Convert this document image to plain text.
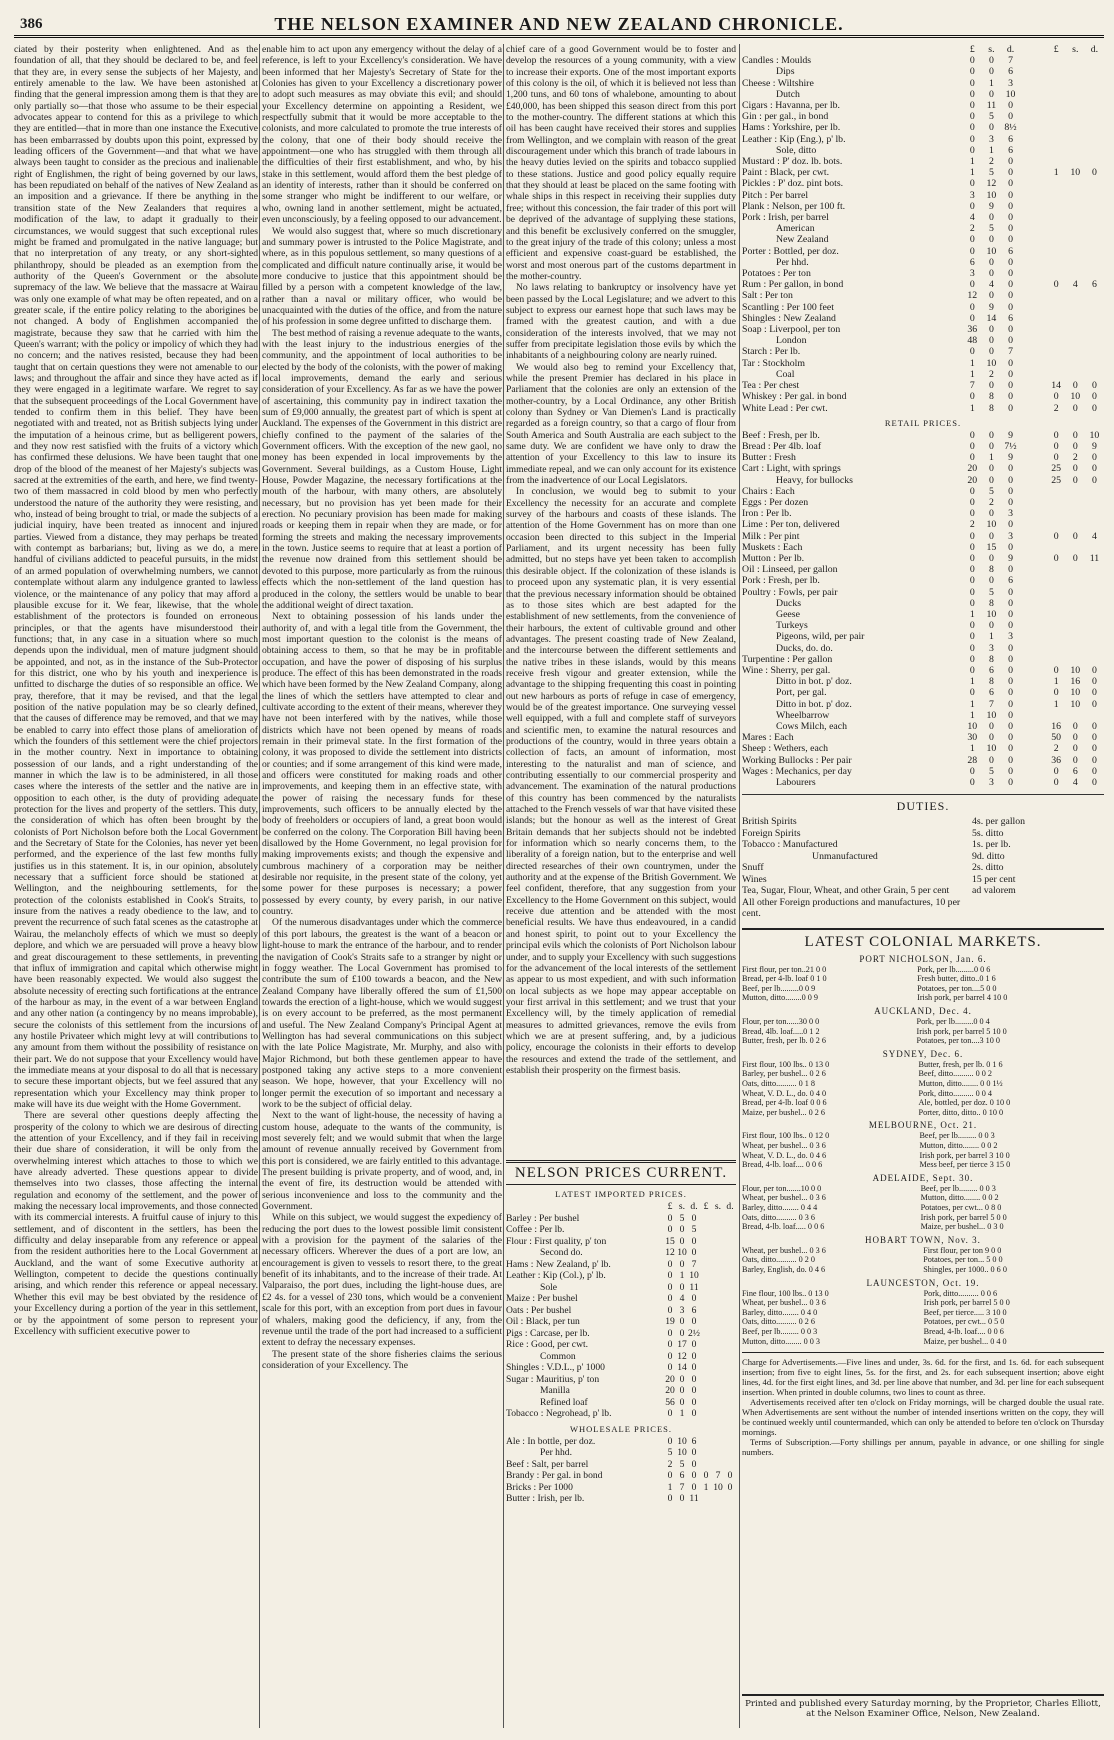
386	THE NELSON EXAMINER AND NEW ZEALAND CHRONICLE.

ciated by their posterity when enlightened. And as the foundation of all, that they should be declared to be, and feel that they are, in every sense the subjects of her Majesty, and entirely amenable to the law. We have been astonished at finding that the general impression among them is that they are only partially so—that those who assume to be their especial advocates appear to contend for this as a privilege to which they are entitled—that in more than one instance the Executive has been embarrassed by doubts upon this point, expressed by leading officers of the Government—and that what we have always been taught to consider as the precious and inalienable right of Englishmen, the right of being governed by our laws, has been repudiated on behalf of the natives of New Zealand as an imposition and a grievance. If there be anything in the transition state of the New Zealanders that requires a modification of the law, to adapt it gradually to their circumstances, we would suggest that such exceptional rules might be framed and promulgated in the native language; but that no interpretation of any treaty, or any short-sighted philanthropy, should be pleaded as an exemption from the authority of the Queen's Government or the absolute supremacy of the law. We believe that the massacre at Wairau was only one example of what may be often repeated, and on a greater scale, if the entire policy relating to the aborigines be not changed. A body of Englishmen accompanied the magistrate, because they saw that he carried with him the Queen's warrant; with the policy or impolicy of which they had no concern; and the natives resisted, because they had been taught that on certain questions they were not amenable to our laws; and throughout the affair and since they have acted as if they were engaged in a legitimate warfare. We regret to say that the subsequent proceedings of the Local Government have tended to confirm them in this belief. They have been negotiated with and treated, not as British subjects lying under the imputation of a heinous crime, but as belligerent powers, and they now rest satisfied with the fruits of a victory which has confirmed these delusions. We have been taught that one drop of the blood of the meanest of her Majesty's subjects was sacred at the extremities of the earth, and here, we find twenty-two of them massacred in cold blood by men who perfectly understood the nature of the authority they were resisting, and who, instead of being brought to trial, or made the subjects of a judicial inquiry, have been treated as innocent and injured parties. Viewed from a distance, they may perhaps be treated with contempt as barbarians; but, living as we do, a mere handful of civilians addicted to peaceful pursuits, in the midst of an armed population of overwhelming numbers, we cannot contemplate without alarm any indulgence granted to lawless violence, or the maintenance of any policy that may afford a plausible excuse for it. We fear, likewise, that the whole establishment of the protectors is founded on erroneous principles, or that the agents have misunderstood their functions; that, in any case in a situation where so much depends upon the individual, men of mature judgment should be appointed, and not, as in the instance of the Sub-Protector for this district, one who by his youth and inexperience is unfitted to discharge the duties of so responsible an office. We pray, therefore, that it may be revised, and that the legal position of the native population may be so clearly defined, that the causes of difference may be removed, and that we may be enabled to carry into effect those plans of amelioration of which the founders of this settlement were the chief projectors in the mother country. Next in importance to obtaining possession of our lands, and a right understanding of the manner in which the law is to be administered, in all those cases where the interests of the settler and the native are in opposition to each other, is the duty of providing adequate protection for the lives and property of the settlers. This duty, the consideration of which has often been brought by the colonists of Port Nicholson before both the Local Government and the Secretary of State for the Colonies, has never yet been performed, and the experience of the last few months fully justifies us in this statement. It is, in our opinion, absolutely necessary that a sufficient force should be stationed at Wellington, and the neighbouring settlements, for the protection of the colonists established in Cook's Straits, to insure from the natives a ready obedience to the law, and to prevent the recurrence of such fatal scenes as the catastrophe at Wairau, the melancholy effects of which we must so deeply deplore, and which we are persuaded will prove a heavy blow and great discouragement to these settlements, in preventing that influx of immigration and capital which otherwise might have been reasonably expected. We would also suggest the absolute necessity of erecting such fortifications at the entrance of the harbour as may, in the event of a war between England and any other nation (a contingency by no means improbable), secure the colonists of this settlement from the incursions of any hostile Privateer which might levy at will contributions to any amount from them without the possibility of resistance on their part. We do not suppose that your Excellency would have the immediate means at your disposal to do all that is necessary to secure these important objects, but we feel assured that any representation which your Excellency may think proper to make will have its due weight with the Home Government.

There are several other questions deeply affecting the prosperity of the colony to which we are desirous of directing the attention of your Excellency, and if they fail in receiving their due share of consideration, it will be only from the overwhelming interest which attaches to those to which we have already adverted. These questions appear to divide themselves into two classes, those affecting the internal regulation and economy of the settlement, and the power of making the necessary local improvements, and those connected with its commercial interests. A fruitful cause of injury to this settlement, and of discontent in the settlers, has been the difficulty and delay inseparable from any reference or appeal from the resident authorities here to the Local Government at Auckland, and the want of some Executive authority at Wellington, competent to decide the questions continually arising, and which render this reference or appeal necessary. Whether this evil may be best obviated by the residence of your Excellency during a portion of the year in this settlement, or by the appointment of some person to represent your Excellency with sufficient executive power to

enable him to act upon any emergency without the delay of a reference, is left to your Excellency's consideration. We have been informed that her Majesty's Secretary of State for the Colonies has given to your Excellency a discretionary power to adopt such measures as may obviate this evil; and should your Excellency determine on appointing a Resident, we respectfully submit that it would be more acceptable to the colonists, and more calculated to promote the true interests of the colony, that one of their body should receive the appointment—one who has struggled with them through all the difficulties of their first establishment, and who, by his stake in this settlement, would afford them the best pledge of an identity of interests, rather than it should be conferred on some stranger who might be indifferent to our welfare, or who, owning land in another settlement, might be actuated, even unconsciously, by a feeling opposed to our advancement.

We would also suggest that, where so much discretionary and summary power is intrusted to the Police Magistrate, and where, as in this populous settlement, so many questions of a complicated and difficult nature continually arise, it would be more conducive to justice that this appointment should be filled by a person with a competent knowledge of the law, rather than a naval or military officer, who would be unacquainted with the duties of the office, and from the nature of his profession in some degree unfitted to discharge them.

The best method of raising a revenue adequate to the wants, with the least injury to the industrious energies of the community, and the appointment of local authorities to be elected by the body of the colonists, with the power of making local improvements, demand the early and serious consideration of your Excellency. As far as we have the power of ascertaining, this community pay in indirect taxation the sum of £9,000 annually, the greatest part of which is spent at Auckland. The expenses of the Government in this district are chiefly confined to the payment of the salaries of the Government officers. With the exception of the new gaol, no money has been expended in local improvements by the Government. Several buildings, as a Custom House, Light House, Powder Magazine, the necessary fortifications at the mouth of the harbour, with many others, are absolutely necessary, but no provision has yet been made for their erection. No pecuniary provision has been made for making roads or keeping them in repair when they are made, or for forming the streets and making the necessary improvements in the town. Justice seems to require that at least a portion of the revenue now drained from this settlement should be devoted to this purpose, more particularly as from the ruinous effects which the non-settlement of the land question has produced in the colony, the settlers would be unable to bear the additional weight of direct taxation.

Next to obtaining possession of his lands under the authority of, and with a legal title from the Government, the most important question to the colonist is the means of obtaining access to them, so that he may be in profitable occupation, and have the power of disposing of his surplus produce. The effect of this has been demonstrated in the roads which have been formed by the New Zealand Company, along the lines of which the settlers have attempted to clear and cultivate according to the extent of their means, wherever they have not been interfered with by the natives, while those districts which have not been opened by means of roads remain in their primeval state. In the first formation of the colony, it was proposed to divide the settlement into districts or counties; and if some arrangement of this kind were made, and officers were constituted for making roads and other improvements, and keeping them in an effective state, with the power of raising the necessary funds for these improvements, such officers to be annually elected by the body of freeholders or occupiers of land, a great boon would be conferred on the colony. The Corporation Bill having been disallowed by the Home Government, no legal provision for making improvements exists; and though the expensive and cumbrous machinery of a corporation may be neither desirable nor requisite, in the present state of the colony, yet some power for these purposes is necessary; a power possessed by every county, by every parish, in our native country.

Of the numerous disadvantages under which the commerce of this port labours, the greatest is the want of a beacon or light-house to mark the entrance of the harbour, and to render the navigation of Cook's Straits safe to a stranger by night or in foggy weather. The Local Government has promised to contribute the sum of £100 towards a beacon, and the New Zealand Company have liberally offered the sum of £1,500 towards the erection of a light-house, which we would suggest is on every account to be preferred, as the most permanent and useful. The New Zealand Company's Principal Agent at Wellington has had several communications on this subject with the late Police Magistrate, Mr. Murphy, and also with Major Richmond, but both these gentlemen appear to have postponed taking any active steps to a more convenient season. We hope, however, that your Excellency will no longer permit the execution of so important and necessary a work to be the subject of official delay.

Next to the want of light-house, the necessity of having a custom house, adequate to the wants of the community, is most severely felt; and we would submit that when the large amount of revenue annually received by Government from this port is considered, we are fairly entitled to this advantage. The present building is private property, and of wood, and, in the event of fire, its destruction would be attended with serious inconvenience and loss to the community and the Government.

While on this subject, we would suggest the expediency of reducing the port dues to the lowest possible limit consistent with a provision for the payment of the salaries of the necessary officers. Wherever the dues of a port are low, an encouragement is given to vessels to resort there, to the great benefit of its inhabitants, and to the increase of their trade. At Valparaiso, the port dues, including the light-house dues, are £2 4s. for a vessel of 230 tons, which would be a convenient scale for this port, with an exception from port dues in favour of whalers, making good the deficiency, if any, from the revenue until the trade of the port had increased to a sufficient extent to defray the necessary expenses.

The present state of the shore fisheries claims the serious consideration of your Excellency. The

chief care of a good Government would be to foster and develop the resources of a young community, with a view to increase their exports. One of the most important exports of this colony is the oil, of which it is believed not less than 1,200 tuns, and 60 tons of whalebone, amounting to about £40,000, has been shipped this season direct from this port to the mother-country. The different stations at which this oil has been caught have received their stores and supplies from Wellington, and we complain with reason of the great discouragement under which this branch of trade labours in the heavy duties levied on the spirits and tobacco supplied to these stations. Justice and good policy equally require that they should at least be placed on the same footing with whale ships in this respect in receiving their supplies duty free; without this concession, the fair trader of this port will be deprived of the advantage of supplying these stations, and this benefit be exclusively conferred on the smuggler, to the great injury of the trade of this colony; unless a most efficient and expensive coast-guard be established, the worst and most onerous part of the customs department in the mother-country.

No laws relating to bankruptcy or insolvency have yet been passed by the Local Legislature; and we advert to this subject to express our earnest hope that such laws may be framed with the greatest caution, and with a due consideration of the interests involved, that we may not suffer from precipitate legislation those evils by which the inhabitants of a neighbouring colony are nearly ruined.

We would also beg to remind your Excellency that, while the present Premier has declared in his place in Parliament that the colonies are only an extension of the mother-country, by a Local Ordinance, any other British colony than Sydney or Van Diemen's Land is practically regarded as a foreign country, so that a cargo of flour from South America and South Australia are each subject to the same duty. We are confident we have only to draw the attention of your Excellency to this law to insure its immediate repeal, and we can only account for its existence from the inadvertence of our Local Legislators.

In conclusion, we would beg to submit to your Excellency the necessity for an accurate and complete survey of the harbours and coasts of these islands. The attention of the Home Government has on more than one occasion been directed to this subject in the Imperial Parliament, and its urgent necessity has been fully admitted, but no steps have yet been taken to accomplish this desirable object. If the colonization of these islands is to proceed upon any systematic plan, it is very essential that the previous necessary information should be obtained as to those sites which are best adapted for the establishment of new settlements, from the convenience of their harbours, the extent of cultivable ground and other advantages. The present coasting trade of New Zealand, and the intercourse between the different settlements and the native tribes in these islands, would by this means receive fresh vigour and greater extension, while the advantage to the shipping frequenting this coast in pointing out new harbours as ports of refuge in case of emergency, would be of the greatest importance. One surveying vessel well equipped, with a full and complete staff of surveyors and scientific men, to examine the natural resources and productions of the country, would in three years obtain a collection of facts, an amount of information, most interesting to the naturalist and man of science, and contributing essentially to our commercial prosperity and advancement. The examination of the natural productions of this country has been commenced by the naturalists attached to the French vessels of war that have visited these islands; but the honour as well as the interest of Great Britain demands that her subjects should not be indebted for information which so nearly concerns them, to the liberality of a foreign nation, but to the enterprise and well directed researches of their own countrymen, under the authority and at the expense of the British Government. We feel confident, therefore, that any suggestion from your Excellency to the Home Government on this subject, would receive due attention and be attended with the most beneficial results. We have thus endeavoured, in a candid and honest spirit, to point out to your Excellency the principal evils which the colonists of Port Nicholson labour under, and to supply your Excellency with such suggestions for the advancement of the local interests of the settlement as appear to us most expedient, and with such information on local subjects as we hope may appear acceptable on your first arrival in this settlement; and we trust that your Excellency will, by the timely application of remedial measures to admitted grievances, remove the evils from which we are at present suffering, and, by a judicious policy, encourage the colonists in their efforts to develop the resources and extend the trade of the settlement, and establish their prosperity on the firmest basis.

NELSON PRICES CURRENT.
LATEST IMPORTED PRICES.
	£	s.	d.	£	s.	d.
Barley : Per bushel	0	5	0			
Coffee : Per lb.	0	0	5			
Flour : First quality, p' ton	15	0	0			
Second do.	12	10	0			
Hams : New Zealand, p' lb.	0	0	7			
Leather : Kip (Col.), p' lb.	0	1	10			
Sole	0	0	11			
Maize : Per bushel	0	4	0			
Oats : Per bushel	0	3	6			
Oil : Black, per tun	19	0	0			
Pigs : Carcase, per lb.	0	0	2½			
Rice : Good, per cwt.	0	17	0			
Common	0	12	0			
Shingles : V.D.L., p' 1000	0	14	0			
Sugar : Mauritius, p' ton	20	0	0			
Manilla	20	0	0			
Refined loaf	56	0	0			
Tobacco : Negrohead, p' lb.	0	1	0			
WHOLESALE PRICES.
Ale : In bottle, per doz.	0	10	6			
Per hhd.	5	10	0			
Beef : Salt, per barrel	2	5	0			
Brandy : Per gal. in bond	0	6	0	0	7	0
Bricks : Per 1000	1	7	0	1	10	0
Butter : Irish, per lb.	0	0	11			
	£	s.	d.		£	s.	d.
Candles : Moulds	0	0	7				
Dips	0	0	6				
Cheese : Wiltshire	0	1	3				
Dutch	0	0	10				
Cigars : Havanna, per lb.	0	11	0				
Gin : per gal., in bond	0	5	0				
Hams : Yorkshire, per lb.	0	0	8½				
Leather : Kip (Eng.), p' lb.	0	3	6				
Sole, ditto	0	1	6				
Mustard : P' doz. lb. bots.	1	2	0				
Paint : Black, per cwt.	1	5	0		1	10	0
Pickles : P' doz. pint bots.	0	12	0				
Pitch : Per barrel	3	10	0				
Plank : Nelson, per 100 ft.	0	9	0				
Pork : Irish, per barrel	4	0	0				
American	2	5	0				
New Zealand	0	0	0				
Porter : Bottled, per doz.	0	10	6				
Per hhd.	6	0	0				
Potatoes : Per ton	3	0	0				
Rum : Per gallon, in bond	0	4	0		0	4	6
Salt : Per ton	12	0	0				
Scantling : Per 100 feet	0	9	0				
Shingles : New Zealand	0	14	6				
Soap : Liverpool, per ton	36	0	0				
London	48	0	0				
Starch : Per lb.	0	0	7				
Tar : Stockholm	1	10	0				
Coal	1	2	0				
Tea : Per chest	7	0	0		14	0	0
Whiskey : Per gal. in bond	0	8	0		0	10	0
White Lead : Per cwt.	1	8	0		2	0	0
RETAIL PRICES.
Beef : Fresh, per lb.	0	0	9		0	0	10
Bread : Per 4lb. loaf	0	0	7½		0	0	9
Butter : Fresh	0	1	9		0	2	0
Cart : Light, with springs	20	0	0		25	0	0
Heavy, for bullocks	20	0	0		25	0	0
Chairs : Each	0	5	0				
Eggs : Per dozen	0	2	0				
Iron : Per lb.	0	0	3				
Lime : Per ton, delivered	2	10	0				
Milk : Per pint	0	0	3		0	0	4
Muskets : Each	0	15	0				
Mutton : Per lb.	0	0	9		0	0	11
Oil : Linseed, per gallon	0	8	0				
Pork : Fresh, per lb.	0	0	6				
Poultry : Fowls, per pair	0	5	0				
Ducks	0	8	0				
Geese	1	10	0				
Turkeys	0	0	0				
Pigeons, wild, per pair	0	1	3				
Ducks, do. do.	0	3	0				
Turpentine : Per gallon	0	8	0				
Wine : Sherry, per gal.	0	6	0		0	10	0
Ditto in bot. p' doz.	1	8	0		1	16	0
Port, per gal.	0	6	0		0	10	0
Ditto in bot. p' doz.	1	7	0		1	10	0
Wheelbarrow	1	10	0				

Cows Milch, each	10	0	0		16	0	0
Mares : Each	30	0	0		50	0	0
Sheep : Wethers, each	1	10	0		2	0	0
Working Bullocks : Per pair	28	0	0		36	0	0

Wages : Mechanics, per day	0	5	0		0	6	0
Labourers	0	3	0		0	4	0
DUTIES.
British Spirits	4s. per gallon
Foreign Spirits	5s. ditto
Tobacco : Manufactured	1s. per lb.
Unmanufactured	9d. ditto
Snuff	2s. ditto
Wines	15 per cent
Tea, Sugar, Flour, Wheat, and other Grain, 5 per cent	ad valorem
All other Foreign productions and manufactures, 10 per cent.	
LATEST COLONIAL MARKETS.
PORT NICHOLSON, Jan. 6.
First flour, per ton..21 0 0	Pork, per lb.........0 0 6
Bread, per 4-lb. loaf 0 1 0	Fresh butter, ditto..0 1 6
Beef, per lb.........0 0 9	Potatoes, per ton....5 0 0
Mutton, ditto........0 0 9	Irish pork, per barrel 4 10 0
AUCKLAND, Dec. 4.
Flour, per ton......30 0 0	Pork, per lb.........0 0 4
Bread, 4lb. loaf.....0 1 2	Irish pork, per barrel 5 10 0
Butter, fresh, per lb. 0 2 6	Potatoes, per ton....3 10 0
SYDNEY, Dec. 6.
First flour, 100 lbs.. 0 13 0	Butter, fresh, per lb. 0 1 6
Barley, per bushel... 0 2 6	Beef, ditto.......... 0 0 2
Oats, ditto.......... 0 1 8	Mutton, ditto........ 0 0 1½
Wheat, V. D. L., do. 0 4 0	Pork, ditto.......... 0 0 4
Bread, per 4-lb. loaf 0 0 6	Ale, bottled, per doz. 0 10 0
Maize, per bushel... 0 2 6	Porter, ditto, ditto.. 0 10 0
MELBOURNE, Oct. 21.
First flour, 100 lbs.. 0 12 0	Beef, per lb......... 0 0 3
Wheat, per bushel... 0 3 6	Mutton, ditto........ 0 0 2
Wheat, V. D. L., do. 0 4 6	Irish pork, per barrel 3 10 0
Bread, 4-lb. loaf.... 0 0 6	Mess beef, per tierce 3 15 0
ADELAIDE, Sept. 30.
Flour, per ton.......10 0 0	Beef, per lb......... 0 0 3
Wheat, per bushel... 0 3 6	Mutton, ditto........ 0 0 2
Barley, ditto........ 0 4 4	Potatoes, per cwt... 0 8 0
Oats, ditto.......... 0 3 6	Irish pork, per barrel 5 0 0
Bread, 4-lb. loaf..... 0 0 6	Maize, per bushel... 0 3 0
HOBART TOWN, Nov. 3.
Wheat, per bushel... 0 3 6	First flour, per ton 9 0 0
Oats, ditto.......... 0 2 0	Potatoes, per ton... 5 0 0
Barley, English, do. 0 4 6	Shingles, per 1000.. 0 6 0
LAUNCESTON, Oct. 19.
Fine flour, 100 lbs.. 0 13 0	Pork, ditto.......... 0 0 6
Wheat, per bushel... 0 3 6	Irish pork, per barrel 5 0 0
Barley, ditto........ 0 4 0	Beef, per tierce..... 3 10 0
Oats, ditto.......... 0 2 6	Potatoes, per cwt... 0 5 0
Beef, per lb......... 0 0 3	Bread, 4-lb. loaf.... 0 0 6
Mutton, ditto........ 0 0 3	Maize, per bushel... 0 4 0

Charge for Advertisements.—Five lines and under, 3s. 6d. for the first, and 1s. 6d. for each subsequent insertion; from five to eight lines, 5s. for the first, and 2s. for each subsequent insertion; above eight lines, 4d. for the first eight lines, and 3d. per line above that number, and 3d. per line for each subsequent insertion. When printed in double columns, two lines to count as three.

Advertisements received after ten o'clock on Friday mornings, will be charged double the usual rate. When Advertisements are sent without the number of intended insertions written on the copy, they will be continued weekly until countermanded, which can only be attended to before ten o'clock on Thursday mornings.

Terms of Subscription.—Forty shillings per annum, payable in advance, or one shilling for single numbers.

Printed and published every Saturday morning, by the Proprietor, Charles Elliott, at the Nelson Examiner Office, Nelson, New Zealand.
